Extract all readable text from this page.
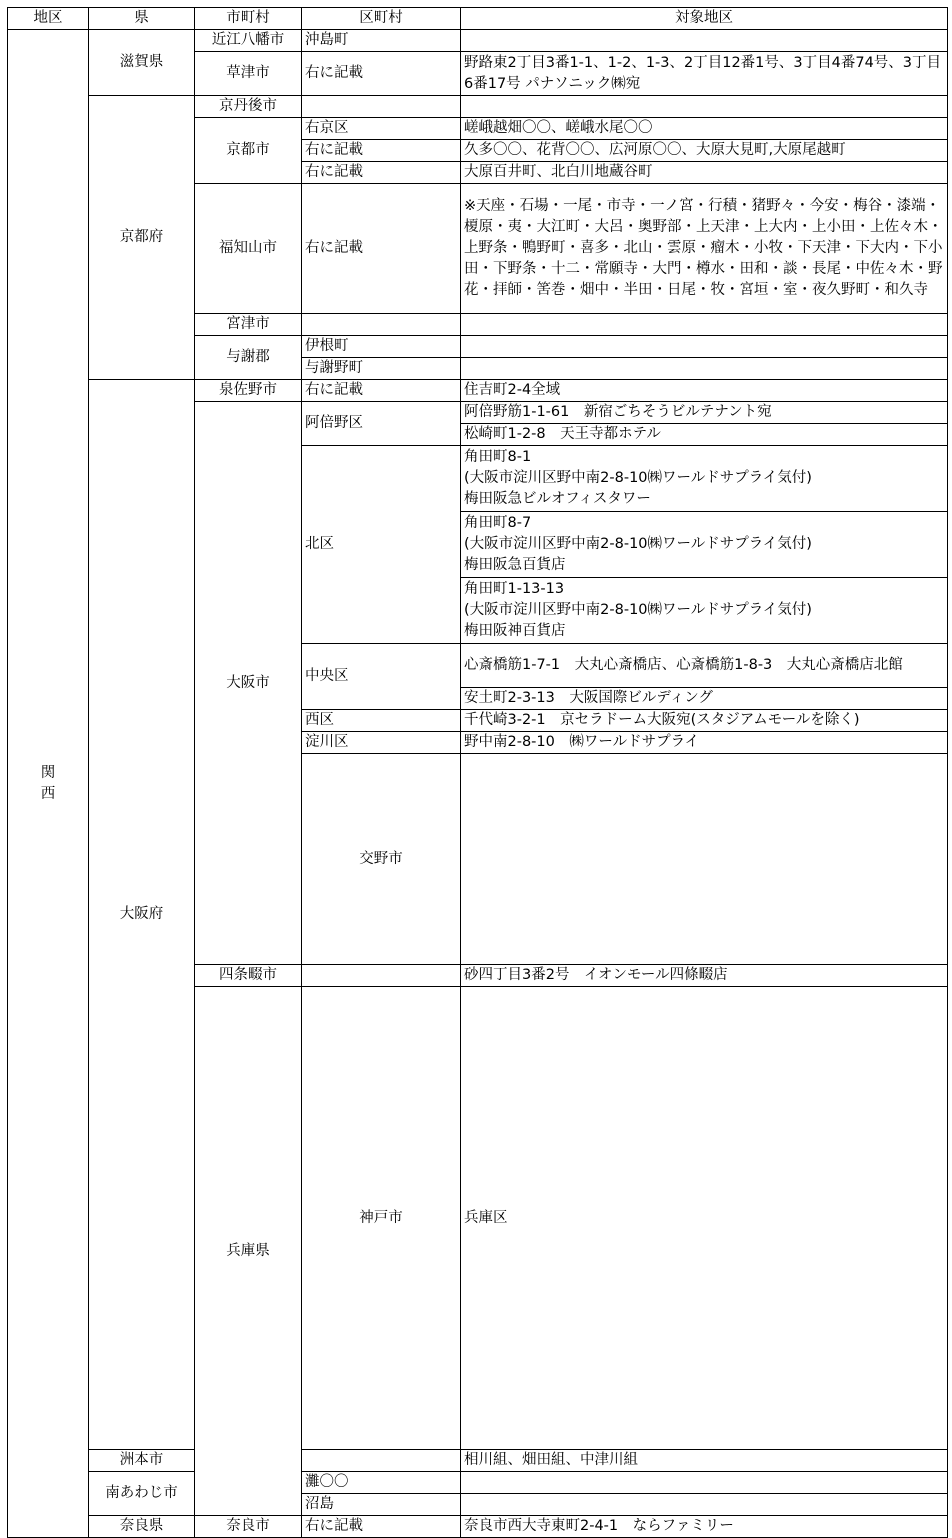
地区	県	市町村	区町村	対象地区	
関
西	滋賀県	近江八幡市	沖島町		
		草津市	右に記載	野路東2丁目3番1-1、1-2、1-3、2丁目12番1号、3丁目4番74号、3丁目6番17号 パナソニック㈱宛	
	京都府	京丹後市			
		京都市	右京区	嵯峨越畑〇〇、嵯峨水尾〇〇	
			右に記載	久多〇〇、花背〇〇、広河原〇〇、大原大見町,大原尾越町	
			右に記載	大原百井町、北白川地蔵谷町	
		福知山市	右に記載	※天座・石場・一尾・市寺・一ノ宮・行積・猪野々・今安・梅谷・漆端・榎原・夷・大江町・大呂・奥野部・上天津・上大内・上小田・上佐々木・上野条・鴨野町・喜多・北山・雲原・瘤木・小牧・下天津・下大内・下小田・下野条・十二・常願寺・大門・樽水・田和・談・長尾・中佐々木・野花・拝師・筈巻・畑中・半田・日尾・牧・宮垣・室・夜久野町・和久寺	
		宮津市			
		与謝郡	伊根町		
			与謝野町		
	大阪府	泉佐野市	右に記載	住吉町2-4全域	
		大阪市	阿倍野区	阿倍野筋1-1-61　新宿ごちそうビルテナント宛	
				松崎町1-2-8　天王寺都ホテル	
			北区	角田町8-1
(大阪市淀川区野中南2-8-10㈱ワールドサプライ気付)
梅田阪急ビルオフィスタワー	
				角田町8-7
(大阪市淀川区野中南2-8-10㈱ワールドサプライ気付)
梅田阪急百貨店	
				角田町1-13-13
(大阪市淀川区野中南2-8-10㈱ワールドサプライ気付)
梅田阪神百貨店	
			中央区	心斎橋筋1-7-1　大丸心斎橋店、心斎橋筋1-8-3　大丸心斎橋店北館	
				安土町2-3-13　大阪国際ビルディング	
			西区	千代崎3-2-1　京セラドーム大阪宛(スタジアムモールを除く)	
			淀川区	野中南2-8-10　㈱ワールドサプライ	
			交野市		
		四条畷市		砂四丁目3番2号　イオンモール四條畷店	
		兵庫県	神戸市	兵庫区	
	洲本市			相川組、畑田組、中津川組	
	南あわじ市		灘〇〇		
			沼島		
	奈良県	奈良市	右に記載	奈良市西大寺東町2-4-1　ならファミリー	
